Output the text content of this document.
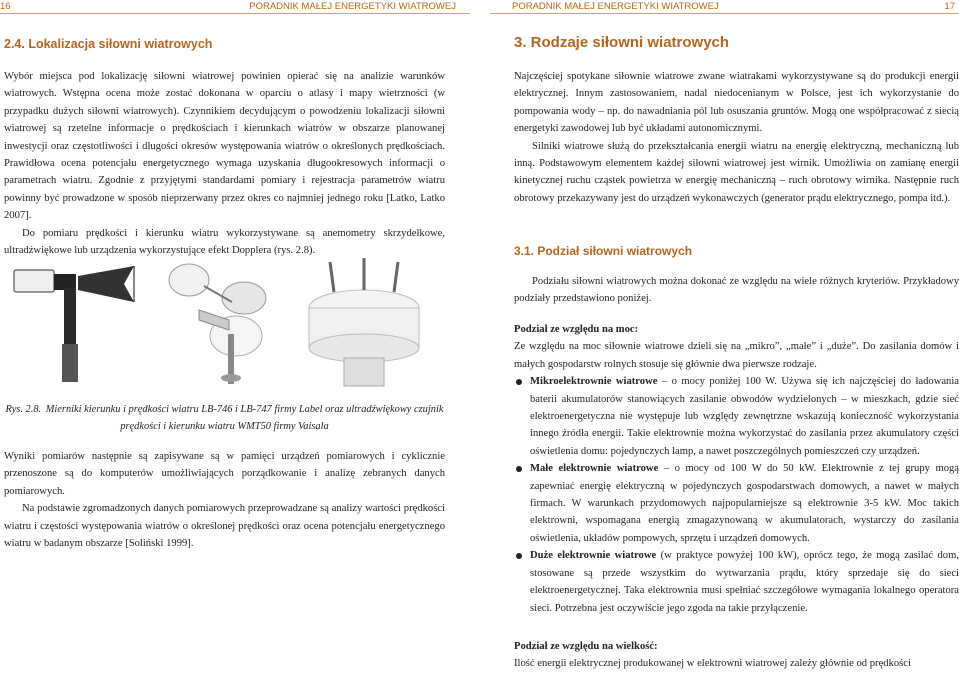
16	PORADNIK MAŁEJ ENERGETYKI WIATROWEJ
2.4. Lokalizacja siłowni wiatrowych

Wybór miejsca pod lokalizację siłowni wiatrowej powinien opierać się na analizie warunków wiatrowych. Wstępna ocena może zostać dokonana w oparciu o atlasy i mapy wietrzności (w przypadku dużych siłowni wiatrowych). Czynnikiem decydującym o powodzeniu lokalizacji siłowni wiatrowej są rzetelne informacje o prędkościach i kierunkach wiatrów w obszarze planowanej inwestycji oraz częstotliwości i długości okresów występowania wiatrów o określonych prędkościach. Prawidłowa ocena potencjału energetycznego wymaga uzyskania długookresowych informacji o parametrach wiatru. Zgodnie z przyjętymi standardami pomiary i rejestracja parametrów wiatru powinny być prowadzone w sposób nieprzerwany przez okres co najmniej jednego roku [Latko, Latko 2007].

Do pomiaru prędkości i kierunku wiatru wykorzystywane są anemometry skrzydełkowe, ultradźwiękowe lub urządzenia wykorzystujące efekt Dopplera (rys. 2.8).

Rys. 2.8. Mierniki kierunku i prędkości wiatru LB-746 i LB-747 firmy Label oraz ultradźwiękowy czujnik prędkości i kierunku wiatru WMT50 firmy Vaisala

Wyniki pomiarów następnie są zapisywane są w pamięci urządzeń pomiarowych i cyklicznie przenoszone są do komputerów umożliwiających porządkowanie i analizę zebranych danych pomiarowych.

Na podstawie zgromadzonych danych pomiarowych przeprowadzane są analizy wartości prędkości wiatru i częstości występowania wiatrów o określonej prędkości oraz ocena potencjału energetycznego wiatru w badanym obszarze [Soliński 1999].

PORADNIK MAŁEJ ENERGETYKI WIATROWEJ	17
3. Rodzaje siłowni wiatrowych

Najczęściej spotykane siłownie wiatrowe zwane wiatrakami wykorzystywane są do produkcji energii elektrycznej. Innym zastosowaniem, nadal niedocenianym w Polsce, jest ich wykorzystanie do pompowania wody – np. do nawadniania pól lub osuszania gruntów. Mogą one współpracować z siecią energetyki zawodowej lub być układami autonomicznymi.

Silniki wiatrowe służą do przekształcania energii wiatru na energię elektryczną, mechaniczną lub inną. Podstawowym elementem każdej siłowni wiatrowej jest wirnik. Umożliwia on zamianę energii kinetycznej ruchu cząstek powietrza w energię mechaniczną – ruch obrotowy wirnika. Następnie ruch obrotowy przekazywany jest do urządzeń wykonawczych (generator prądu elektrycznego, pompa itd.).

3.1. Podział siłowni wiatrowych

Podziału siłowni wiatrowych można dokonać ze względu na wiele różnych kryteriów. Przykładowy podziały przedstawiono poniżej.

Podział ze względu na moc:

Ze względu na moc siłownie wiatrowe dzieli się na „mikro”, „małe” i „duże”. Do zasilania domów i małych gospodarstw rolnych stosuje się głównie dwa pierwsze rodzaje.

Mikroelektrownie wiatrowe – o mocy poniżej 100 W. Używa się ich najczęściej do ładowania baterii akumulatorów stanowiących zasilanie obwodów wydzielonych – w mieszkach, gdzie sieć elektroenergetyczna nie występuje lub względy zewnętrzne wskazują konieczność wykorzystania innego źródła energii. Takie elektrownie można wykorzystać do zasilania przez akumulatory części oświetlenia domu: pojedynczych lamp, a nawet poszczególnych pomieszczeń czy urządzeń.
Małe elektrownie wiatrowe – o mocy od 100 W do 50 kW. Elektrownie z tej grupy mogą zapewniać energię elektryczną w pojedynczych gospodarstwach domowych, a nawet w małych firmach. W warunkach przydomowych najpopularniejsze są elektrownie 3-5 kW. Moc takich elektrowni, wspomagana energią zmagazynowaną w akumulatorach, wystarczy do zasilania oświetlenia, układów pompowych, sprzętu i urządzeń domowych.
Duże elektrownie wiatrowe (w praktyce powyżej 100 kW), oprócz tego, że mogą zasilać dom, stosowane są przede wszystkim do wytwarzania prądu, który sprzedaje się do sieci elektroenergetycznej. Taka elektrownia musi spełniać szczegółowe wymagania lokalnego operatora sieci. Potrzebna jest oczywiście jego zgoda na takie przyłączenie.

Podział ze względu na wielkość:

Ilość energii elektrycznej produkowanej w elektrowni wiatrowej zależy głównie od prędkości
